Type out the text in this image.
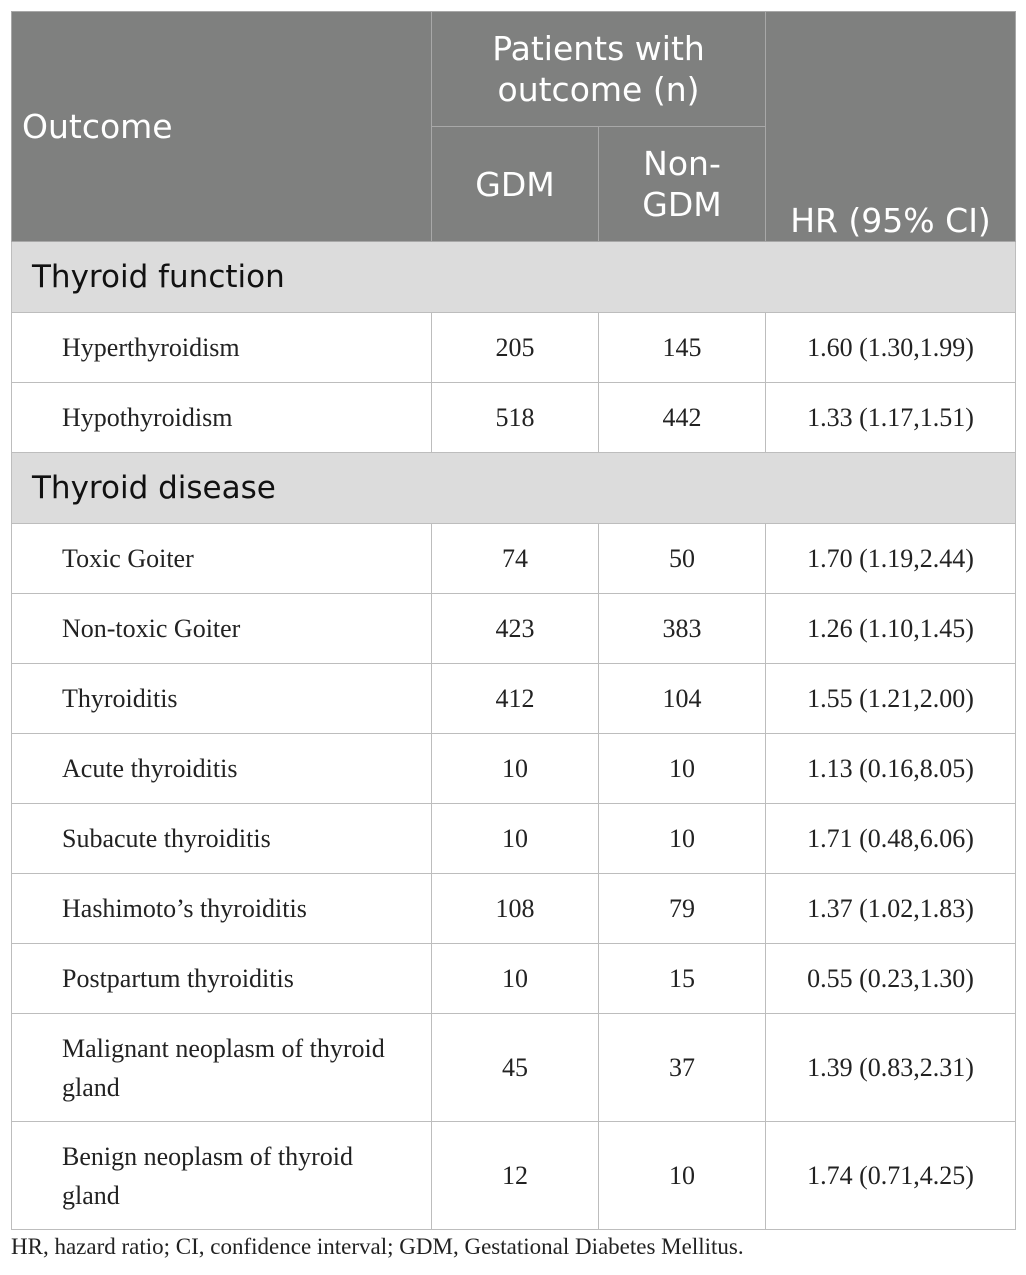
Outcome	Patients with outcome (n)		HR (95% CI)
	GDM	Non-GDM	
Thyroid function			
Hyperthyroidism	205	145	1.60 (1.30,1.99)
Hypothyroidism	518	442	1.33 (1.17,1.51)
Thyroid disease			
Toxic Goiter	74	50	1.70 (1.19,2.44)
Non-toxic Goiter	423	383	1.26 (1.10,1.45)
Thyroiditis	412	104	1.55 (1.21,2.00)
Acute thyroiditis	10	10	1.13 (0.16,8.05)
Subacute thyroiditis	10	10	1.71 (0.48,6.06)
Hashimoto’s thyroiditis	108	79	1.37 (1.02,1.83)
Postpartum thyroiditis	10	15	0.55 (0.23,1.30)
Malignant neoplasm of thyroid gland	45	37	1.39 (0.83,2.31)
Benign neoplasm of thyroid gland	12	10	1.74 (0.71,4.25)

HR, hazard ratio; CI, confidence interval; GDM, Gestational Diabetes Mellitus.
